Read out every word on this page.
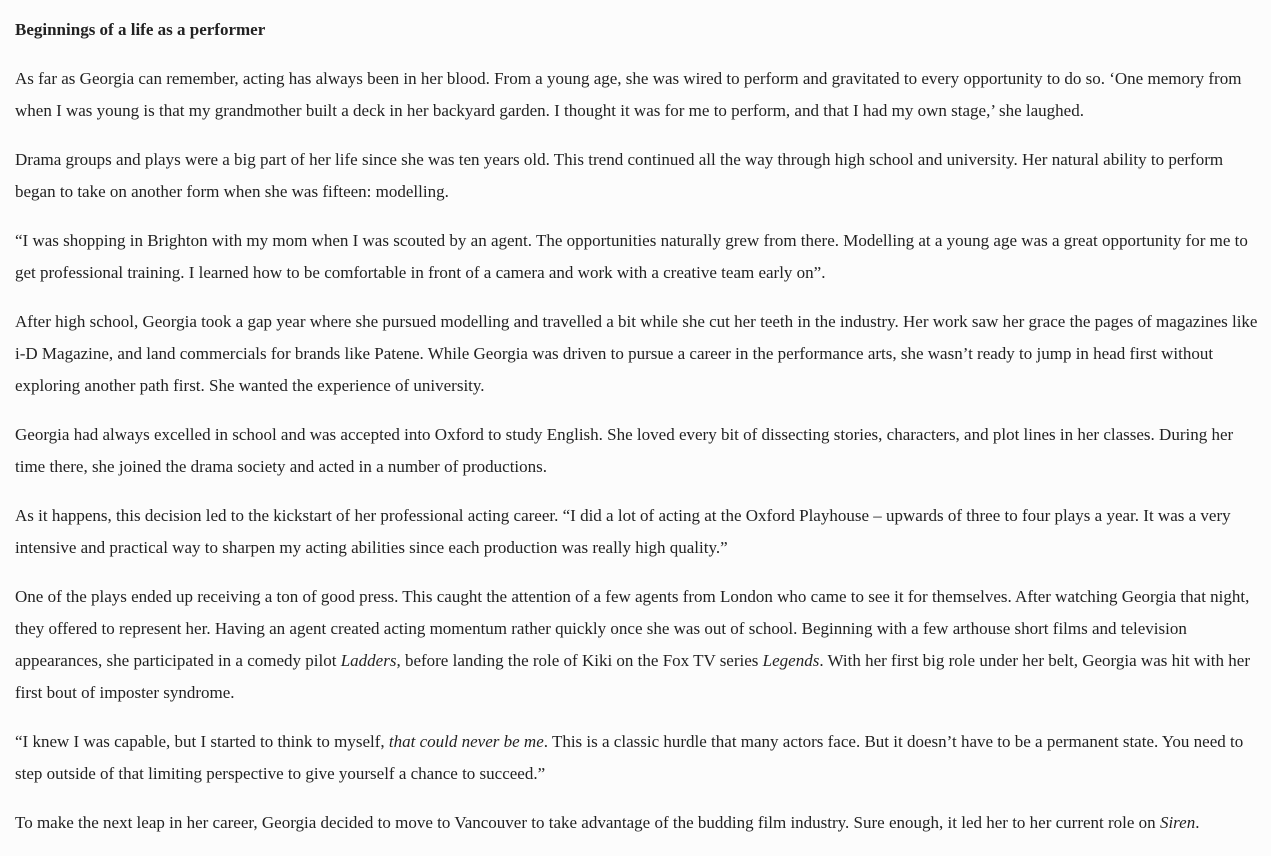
Beginnings of a life as a performer

As far as Georgia can remember, acting has always been in her blood. From a young age, she was wired to perform and gravitated to every opportunity to do so. ‘One memory from when I was young is that my grandmother built a deck in her backyard garden. I thought it was for me to perform, and that I had my own stage,’ she laughed.

Drama groups and plays were a big part of her life since she was ten years old. This trend continued all the way through high school and university. Her natural ability to perform began to take on another form when she was fifteen: modelling.

“I was shopping in Brighton with my mom when I was scouted by an agent. The opportunities naturally grew from there. Modelling at a young age was a great opportunity for me to get professional training. I learned how to be comfortable in front of a camera and work with a creative team early on”.

After high school, Georgia took a gap year where she pursued modelling and travelled a bit while she cut her teeth in the industry. Her work saw her grace the pages of magazines like i-D Magazine, and land commercials for brands like Patene. While Georgia was driven to pursue a career in the performance arts, she wasn’t ready to jump in head first without exploring another path first. She wanted the experience of university.

Georgia had always excelled in school and was accepted into Oxford to study English. She loved every bit of dissecting stories, characters, and plot lines in her classes. During her time there, she joined the drama society and acted in a number of productions.

As it happens, this decision led to the kickstart of her professional acting career. “I did a lot of acting at the Oxford Playhouse – upwards of three to four plays a year. It was a very intensive and practical way to sharpen my acting abilities since each production was really high quality.”

One of the plays ended up receiving a ton of good press. This caught the attention of a few agents from London who came to see it for themselves. After watching Georgia that night, they offered to represent her. Having an agent created acting momentum rather quickly once she was out of school. Beginning with a few arthouse short films and television appearances, she participated in a comedy pilot Ladders, before landing the role of Kiki on the Fox TV series Legends. With her first big role under her belt, Georgia was hit with her first bout of imposter syndrome.

“I knew I was capable, but I started to think to myself, that could never be me. This is a classic hurdle that many actors face. But it doesn’t have to be a permanent state. You need to step outside of that limiting perspective to give yourself a chance to succeed.”

To make the next leap in her career, Georgia decided to move to Vancouver to take advantage of the budding film industry. Sure enough, it led her to her current role on Siren.
